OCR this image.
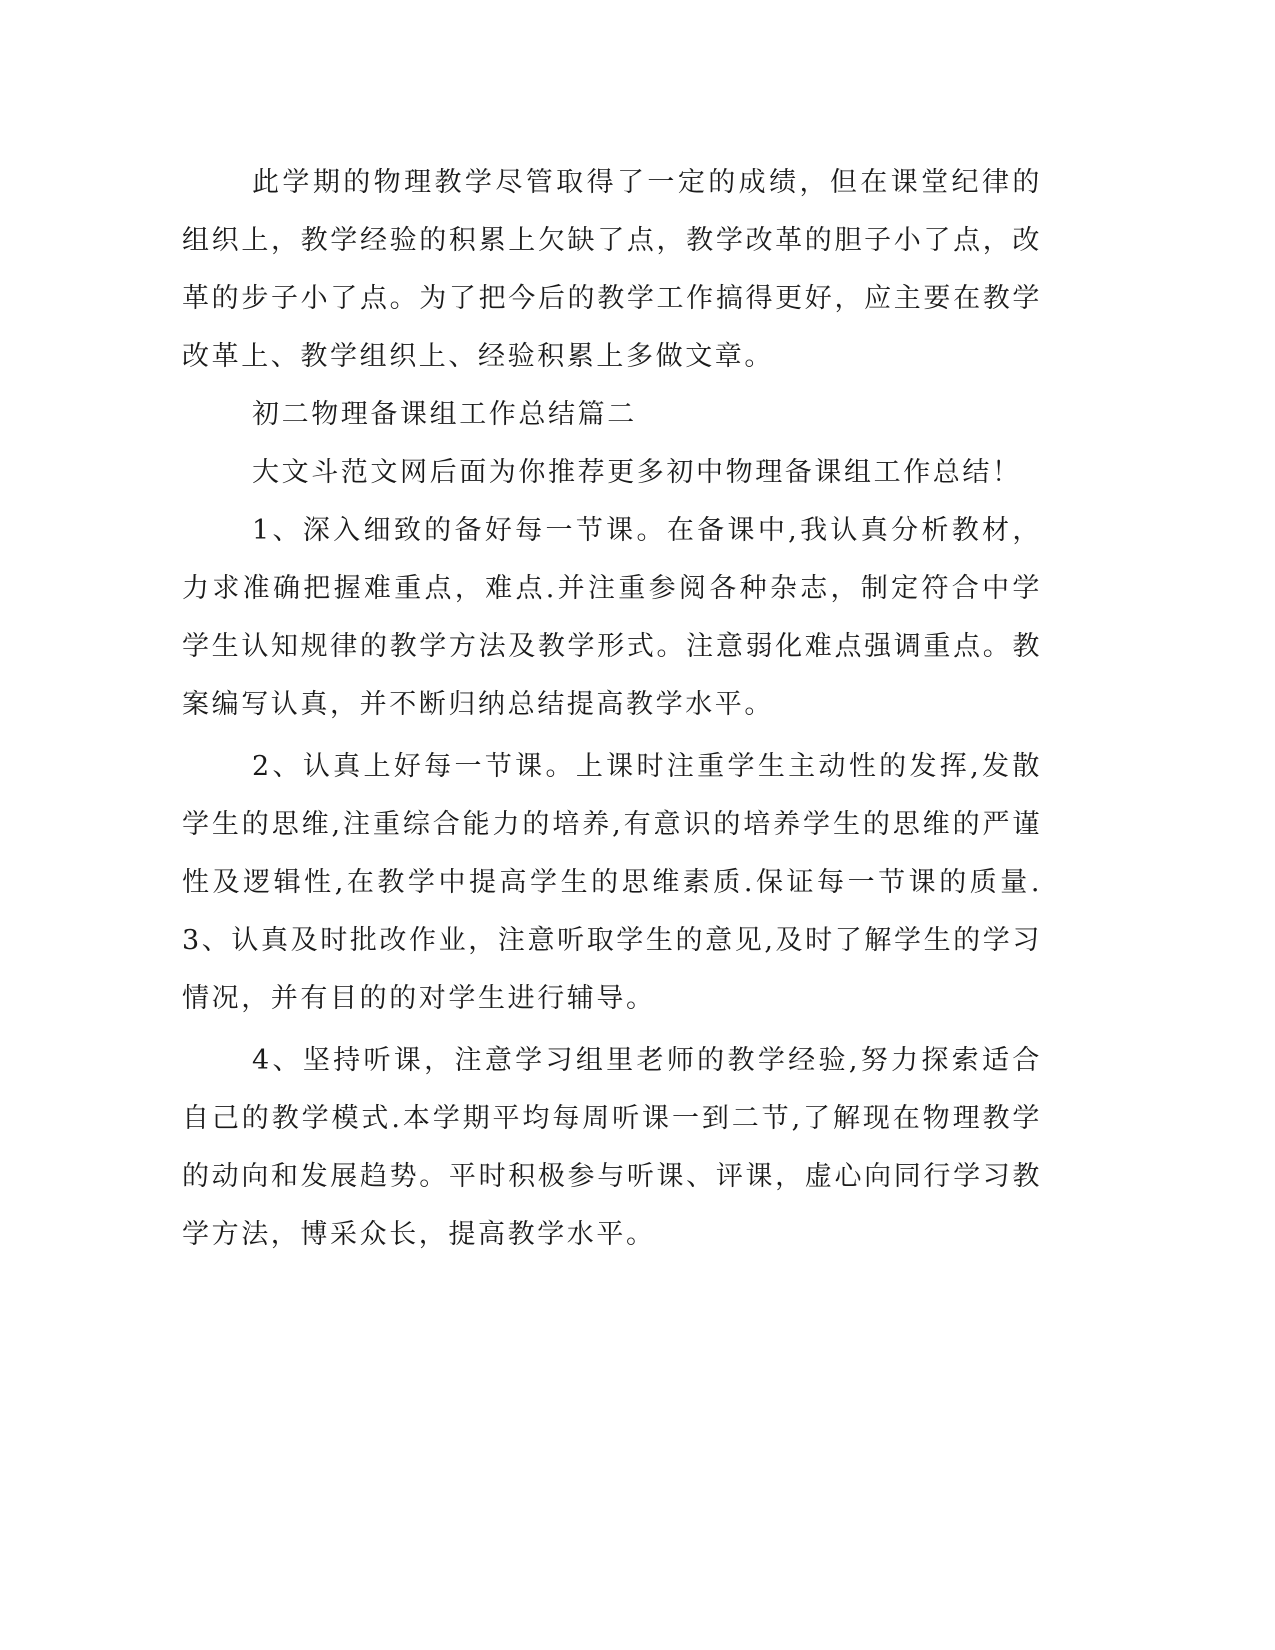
此学期的物理教学尽管取得了一定的成绩，但在课堂纪律的组织上，教学经验的积累上欠缺了点，教学改革的胆子小了点，改革的步子小了点。为了把今后的教学工作搞得更好，应主要在教学改革上、教学组织上、经验积累上多做文章。

初二物理备课组工作总结篇二

大文斗范文网后面为你推荐更多初中物理备课组工作总结！

1、深入细致的备好每一节课。在备课中,我认真分析教材，力求准确把握难重点，难点.并注重参阅各种杂志，制定符合中学学生认知规律的教学方法及教学形式。注意弱化难点强调重点。教案编写认真，并不断归纳总结提高教学水平。

2、认真上好每一节课。上课时注重学生主动性的发挥,发散学生的思维,注重综合能力的培养,有意识的培养学生的思维的严谨性及逻辑性,在教学中提高学生的思维素质.保证每一节课的质量.3、认真及时批改作业，注意听取学生的意见,及时了解学生的学习情况，并有目的的对学生进行辅导。

4、坚持听课，注意学习组里老师的教学经验,努力探索适合自己的教学模式.本学期平均每周听课一到二节,了解现在物理教学的动向和发展趋势。平时积极参与听课、评课，虚心向同行学习教学方法，博采众长，提高教学水平。
